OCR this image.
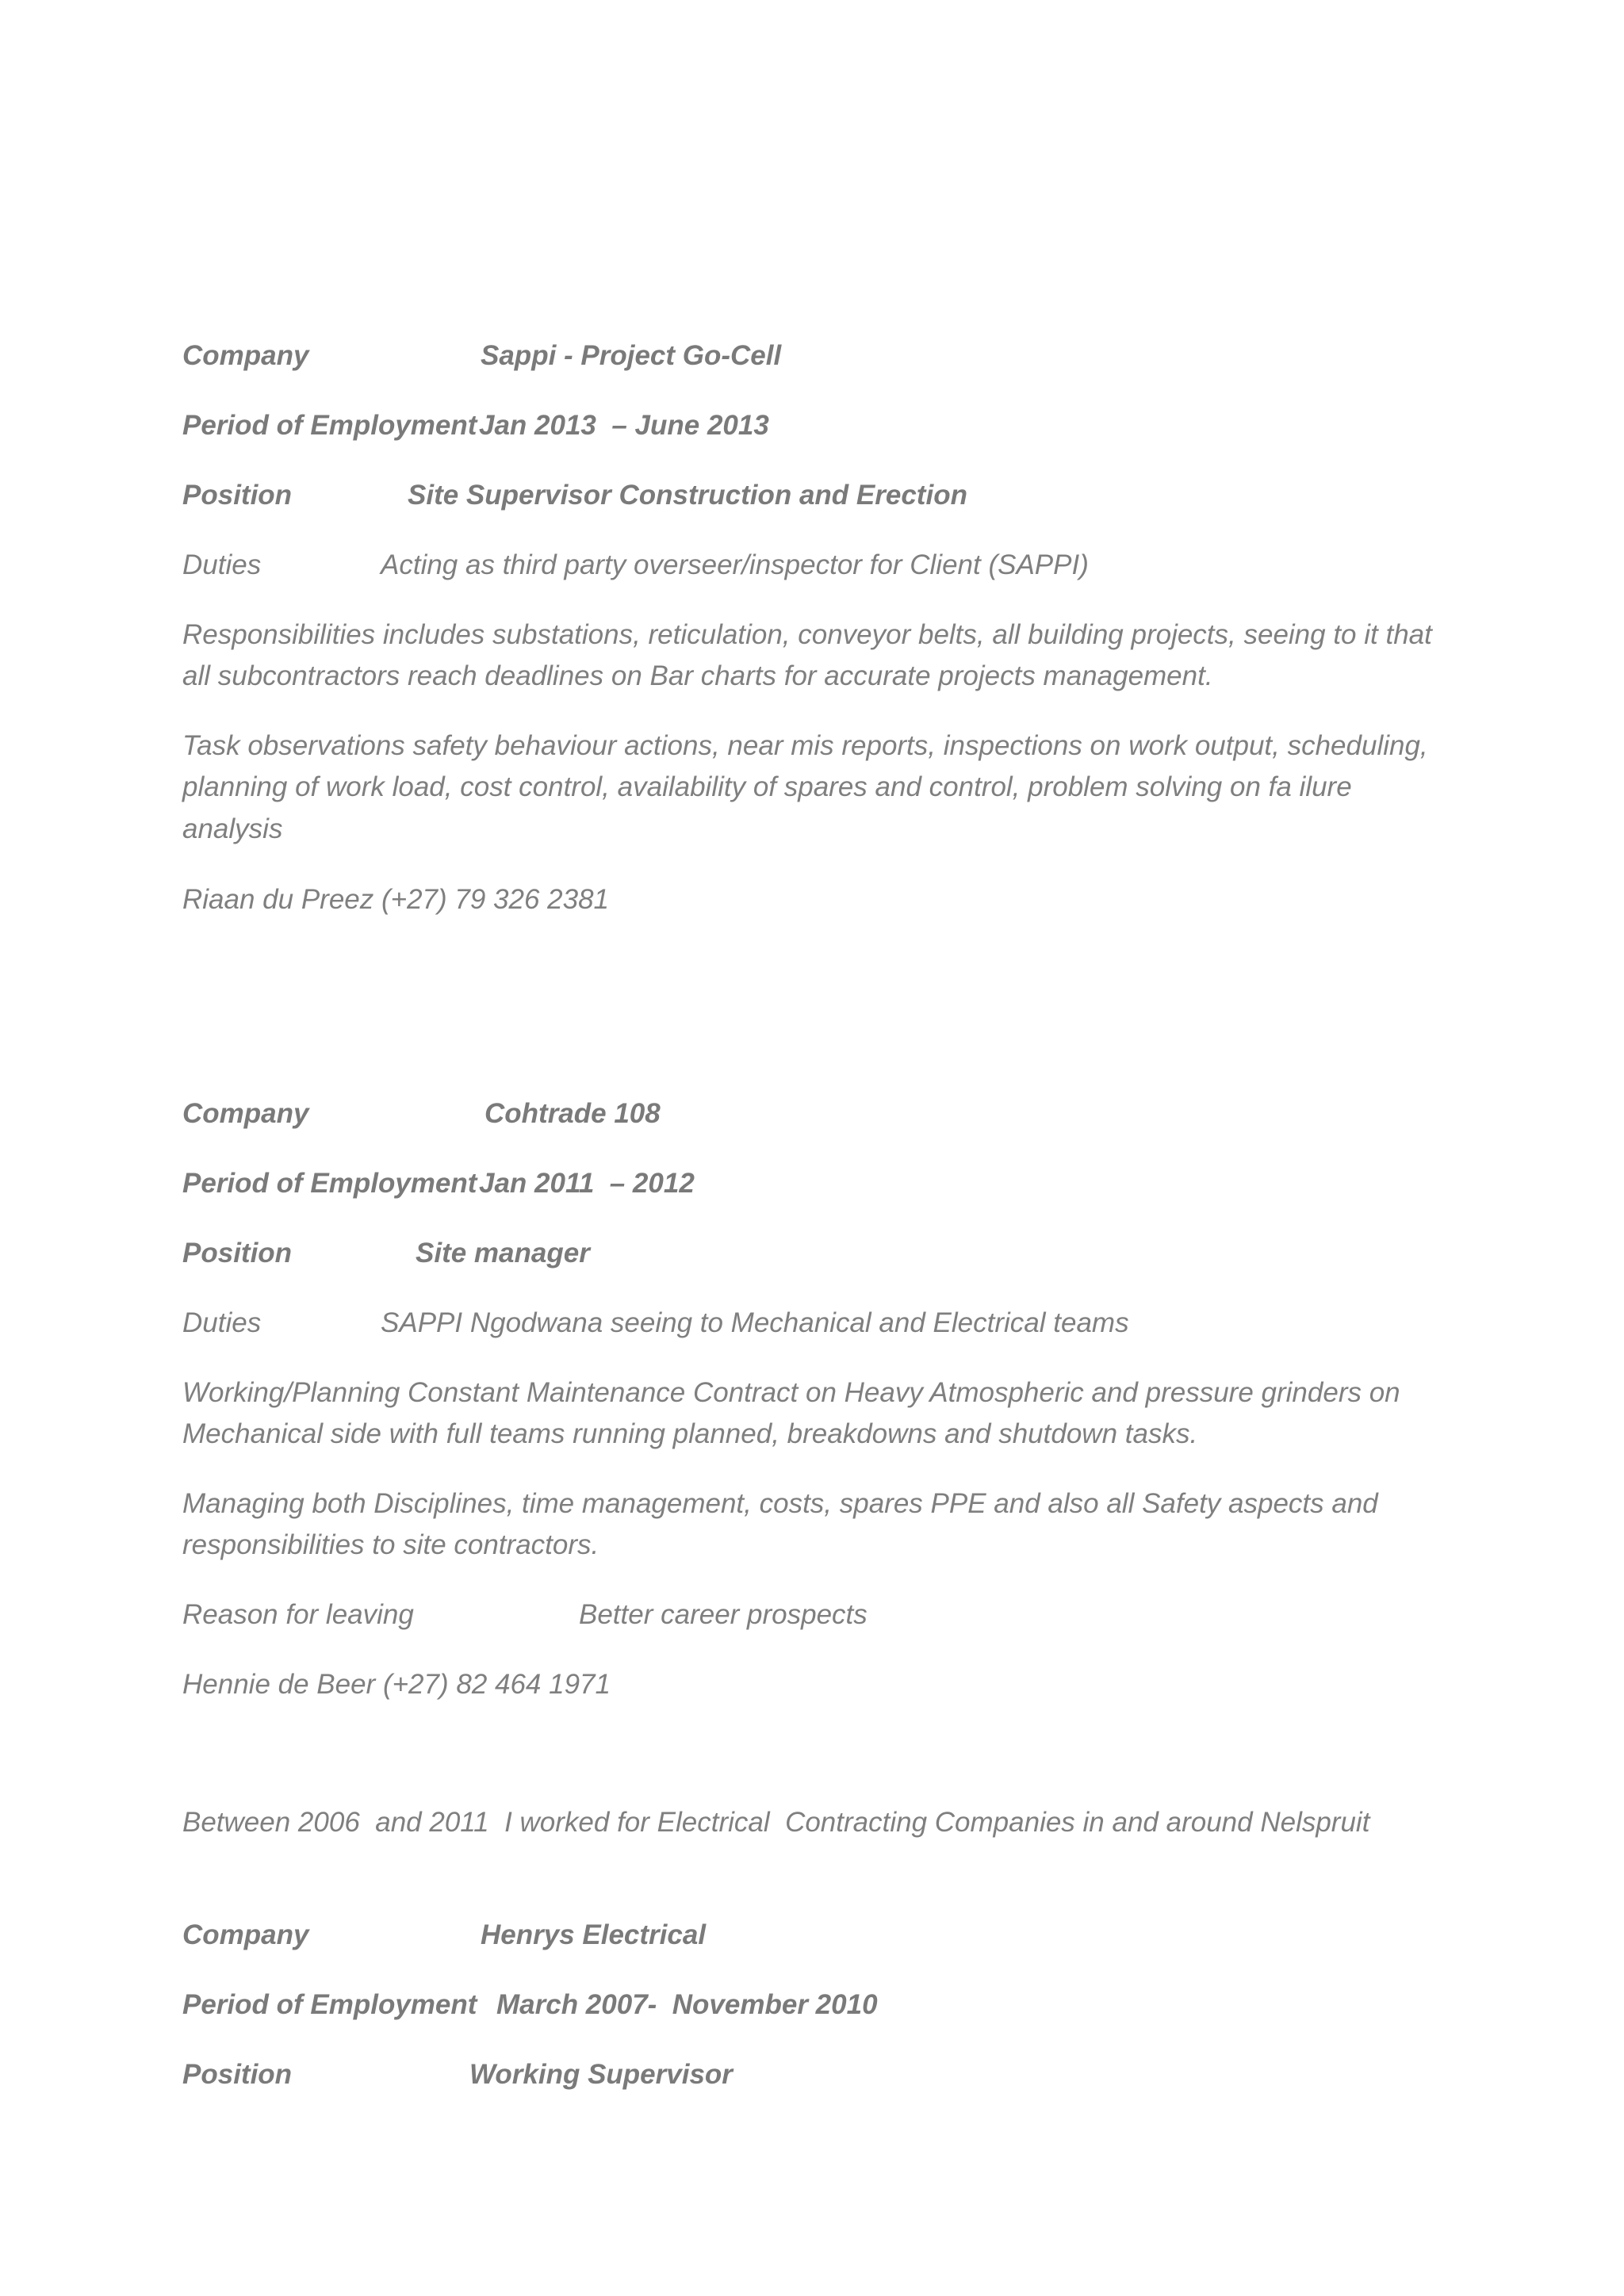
Company	Sappi - Project Go-Cell

Period of Employment Jan 2013  – June 2013

Position	Site Supervisor Construction and Erection

Duties	Acting as third party overseer/inspector for Client (SAPPI)

Responsibilities includes substations, reticulation, conveyor belts, all building projects, seeing to it that

all subcontractors reach deadlines on Bar charts for accurate projects management.

Task observations safety behaviour actions, near mis reports, inspections on work output, scheduling,

planning of work load, cost control, availability of spares and control, problem solving on fa ilure

analysis

Riaan du Preez (+27) 79 326 2381

Company	Cohtrade 108

Period of Employment Jan 2011  – 2012

Position	Site manager

Duties	SAPPI Ngodwana seeing to Mechanical and Electrical teams

Working/Planning Constant Maintenance Contract on Heavy Atmospheric and pressure grinders on

Mechanical side with full teams running planned, breakdowns and shutdown tasks.

Managing both Disciplines, time management, costs, spares PPE and also all Safety aspects and

responsibilities to site contractors.

Reason for leaving	Better career prospects

Hennie de Beer (+27) 82 464 1971

Between 2006  and 2011  I worked for Electrical  Contracting Companies in and around Nelspruit

Company	Henrys Electrical

Period of Employment March 2007-  November 2010

Position	Working Supervisor
